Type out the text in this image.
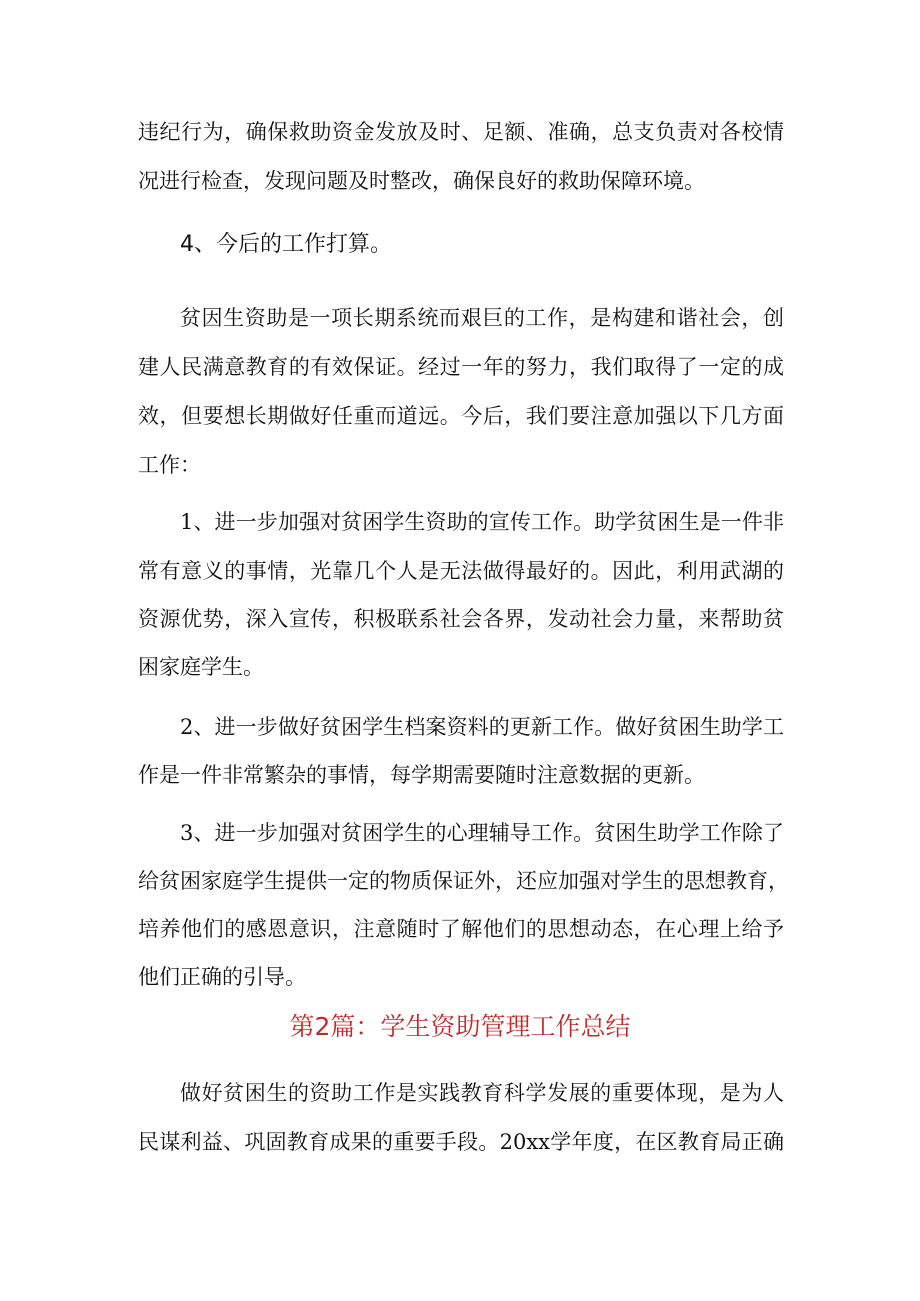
违纪行为，确保救助资金发放及时、足额、准确，总支负责对各校情
况进行检查，发现问题及时整改，确保良好的救助保障环境。
4、今后的工作打算。
贫因生资助是一项长期系统而艰巨的工作，是构建和谐社会，创
建人民满意教育的有效保证。经过一年的努力，我们取得了一定的成
效，但要想长期做好任重而道远。今后，我们要注意加强以下几方面
工作：
1、进一步加强对贫困学生资助的宣传工作。助学贫困生是一件非
常有意义的事情，光靠几个人是无法做得最好的。因此，利用武湖的
资源优势，深入宣传，积极联系社会各界，发动社会力量，来帮助贫
困家庭学生。
2、进一步做好贫困学生档案资料的更新工作。做好贫困生助学工
作是一件非常繁杂的事情，每学期需要随时注意数据的更新。
3、进一步加强对贫困学生的心理辅导工作。贫困生助学工作除了
给贫困家庭学生提供一定的物质保证外，还应加强对学生的思想教育，
培养他们的感恩意识，注意随时了解他们的思想动态，在心理上给予
他们正确的引导。
第2篇：学生资助管理工作总结
做好贫困生的资助工作是实践教育科学发展的重要体现，是为人
民谋利益、巩固教育成果的重要手段。20xx学年度，在区教育局正确
